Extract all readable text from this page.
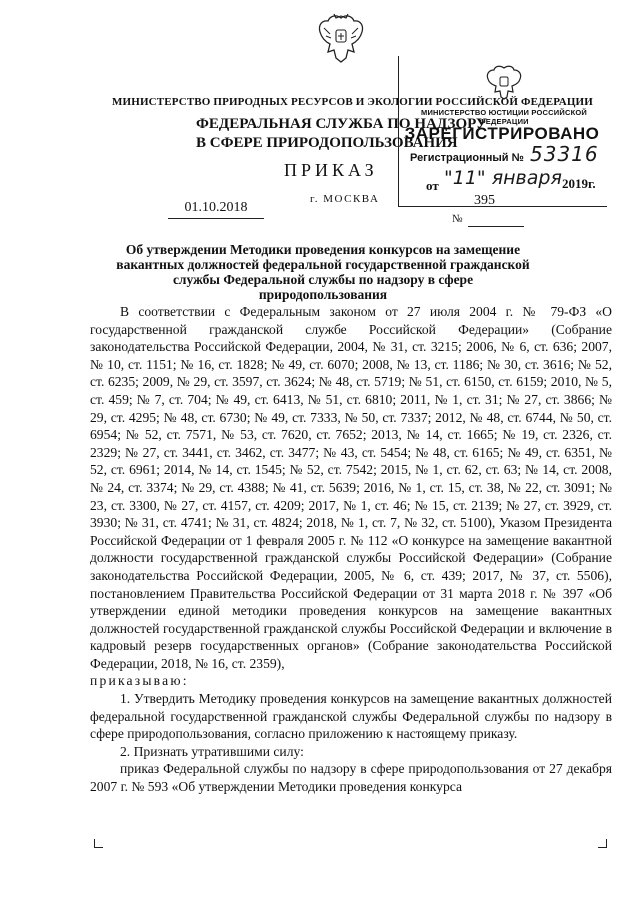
МИНИСТЕРСТВО ЮСТИЦИИ РОССИЙСКОЙ ФЕДЕРАЦИИ
ЗАРЕГИСТРИРОВАНО
Регистрационный № 53316
от "11" января 2019г.
МИНИСТЕРСТВО ПРИРОДНЫХ РЕСУРСОВ И ЭКОЛОГИИ РОССИЙСКОЙ ФЕДЕРАЦИИ
ФЕДЕРАЛЬНАЯ СЛУЖБА ПО НАДЗОРУ
В СФЕРЕ ПРИРОДОПОЛЬЗОВАНИЯ
ПРИКАЗ
г. МОСКВА
01.10.2018	395
№
Об утверждении Методики проведения конкурсов на замещение вакантных должностей федеральной государственной гражданской службы Федеральной службы по надзору в сфере природопользования

В соответствии с Федеральным законом от 27 июля 2004 г. № 79-ФЗ «О государственной гражданской службе Российской Федерации» (Собрание законодательства Российской Федерации, 2004, № 31, ст. 3215; 2006, № 6, ст. 636; 2007, № 10, ст. 1151; № 16, ст. 1828; № 49, ст. 6070; 2008, № 13, ст. 1186; № 30, ст. 3616; № 52, ст. 6235; 2009, № 29, ст. 3597, ст. 3624; № 48, ст. 5719; № 51, ст. 6150, ст. 6159; 2010, № 5, ст. 459; № 7, ст. 704; № 49, ст. 6413, № 51, ст. 6810; 2011, № 1, ст. 31; № 27, ст. 3866; № 29, ст. 4295; № 48, ст. 6730; № 49, ст. 7333, № 50, ст. 7337; 2012, № 48, ст. 6744, № 50, ст. 6954; № 52, ст. 7571, № 53, ст. 7620, ст. 7652; 2013, № 14, ст. 1665; № 19, ст. 2326, ст. 2329; № 27, ст. 3441, ст. 3462, ст. 3477; № 43, ст. 5454; № 48, ст. 6165; № 49, ст. 6351, № 52, ст. 6961; 2014, № 14, ст. 1545; № 52, ст. 7542; 2015, № 1, ст. 62, ст. 63; № 14, ст. 2008, № 24, ст. 3374; № 29, ст. 4388; № 41, ст. 5639; 2016, № 1, ст. 15, ст. 38, № 22, ст. 3091; № 23, ст. 3300, № 27, ст. 4157, ст. 4209; 2017, № 1, ст. 46; № 15, ст. 2139; № 27, ст. 3929, ст. 3930; № 31, ст. 4741; № 31, ст. 4824; 2018, № 1, ст. 7, № 32, ст. 5100), Указом Президента Российской Федерации от 1 февраля 2005 г. № 112 «О конкурсе на замещение вакантной должности государственной гражданской службы Российской Федерации» (Собрание законодательства Российской Федерации, 2005, № 6, ст. 439; 2017, № 37, ст. 5506), постановлением Правительства Российской Федерации от 31 марта 2018 г. № 397 «Об утверждении единой методики проведения конкурсов на замещение вакантных должностей государственной гражданской службы Российской Федерации и включение в кадровый резерв государственных органов» (Собрание законодательства Российской Федерации, 2018, № 16, ст. 2359),

приказываю:

1. Утвердить Методику проведения конкурсов на замещение вакантных должностей федеральной государственной гражданской службы Федеральной службы по надзору в сфере природопользования, согласно приложению к настоящему приказу.

2. Признать утратившими силу:

приказ Федеральной службы по надзору в сфере природопользования от 27 декабря 2007 г. № 593 «Об утверждении Методики проведения конкурса
